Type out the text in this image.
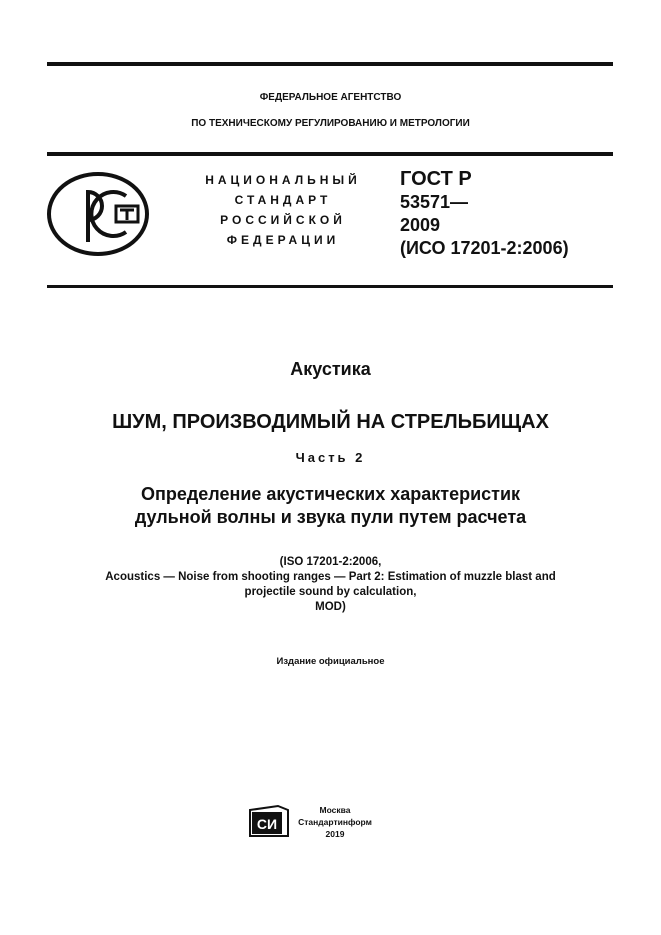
ФЕДЕРАЛЬНОЕ АГЕНТСТВО
ПО ТЕХНИЧЕСКОМУ РЕГУЛИРОВАНИЮ И МЕТРОЛОГИИ
НАЦИОНАЛЬНЫЙ
СТАНДАРТ
РОССИЙСКОЙ
ФЕДЕРАЦИИ
ГОСТ Р
53571—
2009
(ИСО 17201-2:2006)
Акустика
ШУМ, ПРОИЗВОДИМЫЙ НА СТРЕЛЬБИЩАХ
Часть 2
Определение акустических характеристик
дульной волны и звука пули путем расчета
(ISO 17201-2:2006,
Acoustics — Noise from shooting ranges — Part 2: Estimation of muzzle blast and
projectile sound by calculation,
MOD)
Издание официальное
СИ
Москва
Стандартинформ
2019
